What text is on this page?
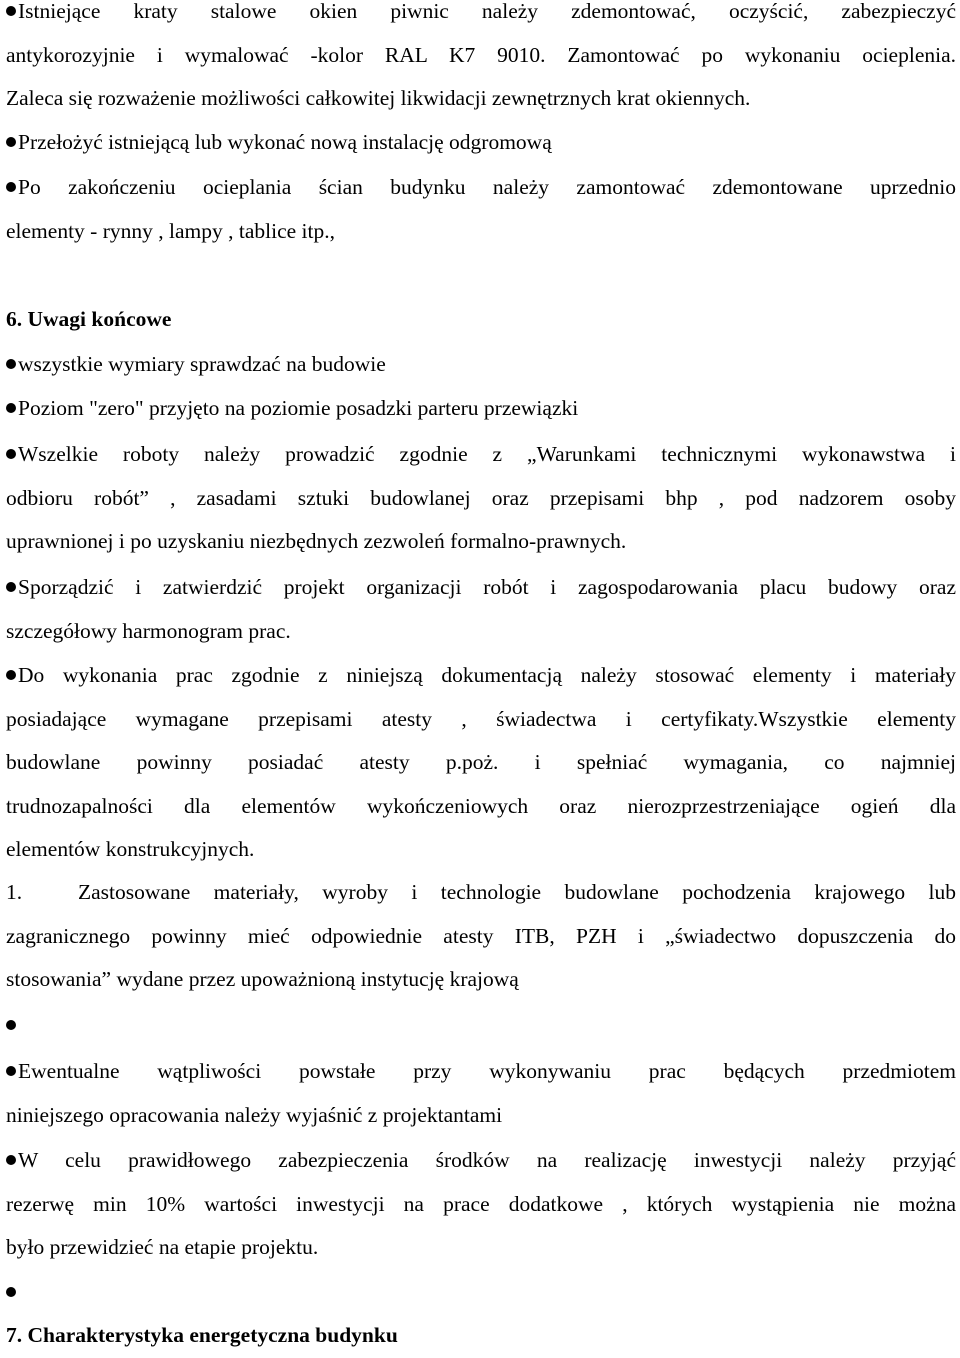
Istniejące kraty stalowe okien piwnic należy zdemontować, oczyścić, zabezpieczyć
antykorozyjnie i wymalować -kolor RAL K7 9010. Zamontować po wykonaniu ocieplenia.
Zaleca się rozważenie możliwości całkowitej likwidacji zewnętrznych krat okiennych.
Przełożyć istniejącą lub wykonać nową instalację odgromową
Po zakończeniu ocieplania ścian budynku należy zamontować zdemontowane uprzednio
elementy - rynny , lampy , tablice itp.,
6. Uwagi końcowe
wszystkie wymiary sprawdzać na budowie
Poziom "zero" przyjęto na poziomie posadzki parteru przewiązki
Wszelkie roboty należy prowadzić zgodnie z „Warunkami technicznymi wykonawstwa i
odbioru robót” , zasadami sztuki budowlanej oraz przepisami bhp , pod nadzorem osoby
uprawnionej i po uzyskaniu niezbędnych zezwoleń formalno-prawnych.
Sporządzić i zatwierdzić projekt organizacji robót i zagospodarowania placu budowy oraz
szczegółowy harmonogram prac.
Do wykonania prac zgodnie z niniejszą dokumentacją należy stosować elementy i materiały
posiadające wymagane przepisami atesty , świadectwa i certyfikaty.Wszystkie elementy
budowlane powinny posiadać atesty p.poż. i spełniać wymagania, co najmniej
trudnozapalności dla elementów wykończeniowych oraz nierozprzestrzeniające ogień dla
elementów konstrukcyjnych.
1.	Zastosowane materiały, wyroby i technologie budowlane pochodzenia krajowego lub
zagranicznego powinny mieć odpowiednie atesty ITB, PZH i „świadectwo dopuszczenia do
stosowania” wydane przez upoważnioną instytucję krajową
Ewentualne wątpliwości powstałe przy wykonywaniu prac będących przedmiotem
niniejszego opracowania należy wyjaśnić z projektantami
W celu prawidłowego zabezpieczenia środków na realizację inwestycji należy przyjąć
rezerwę min 10% wartości inwestycji na prace dodatkowe , których wystąpienia nie można
było przewidzieć na etapie projektu.
7. Charakterystyka energetyczna budynku
